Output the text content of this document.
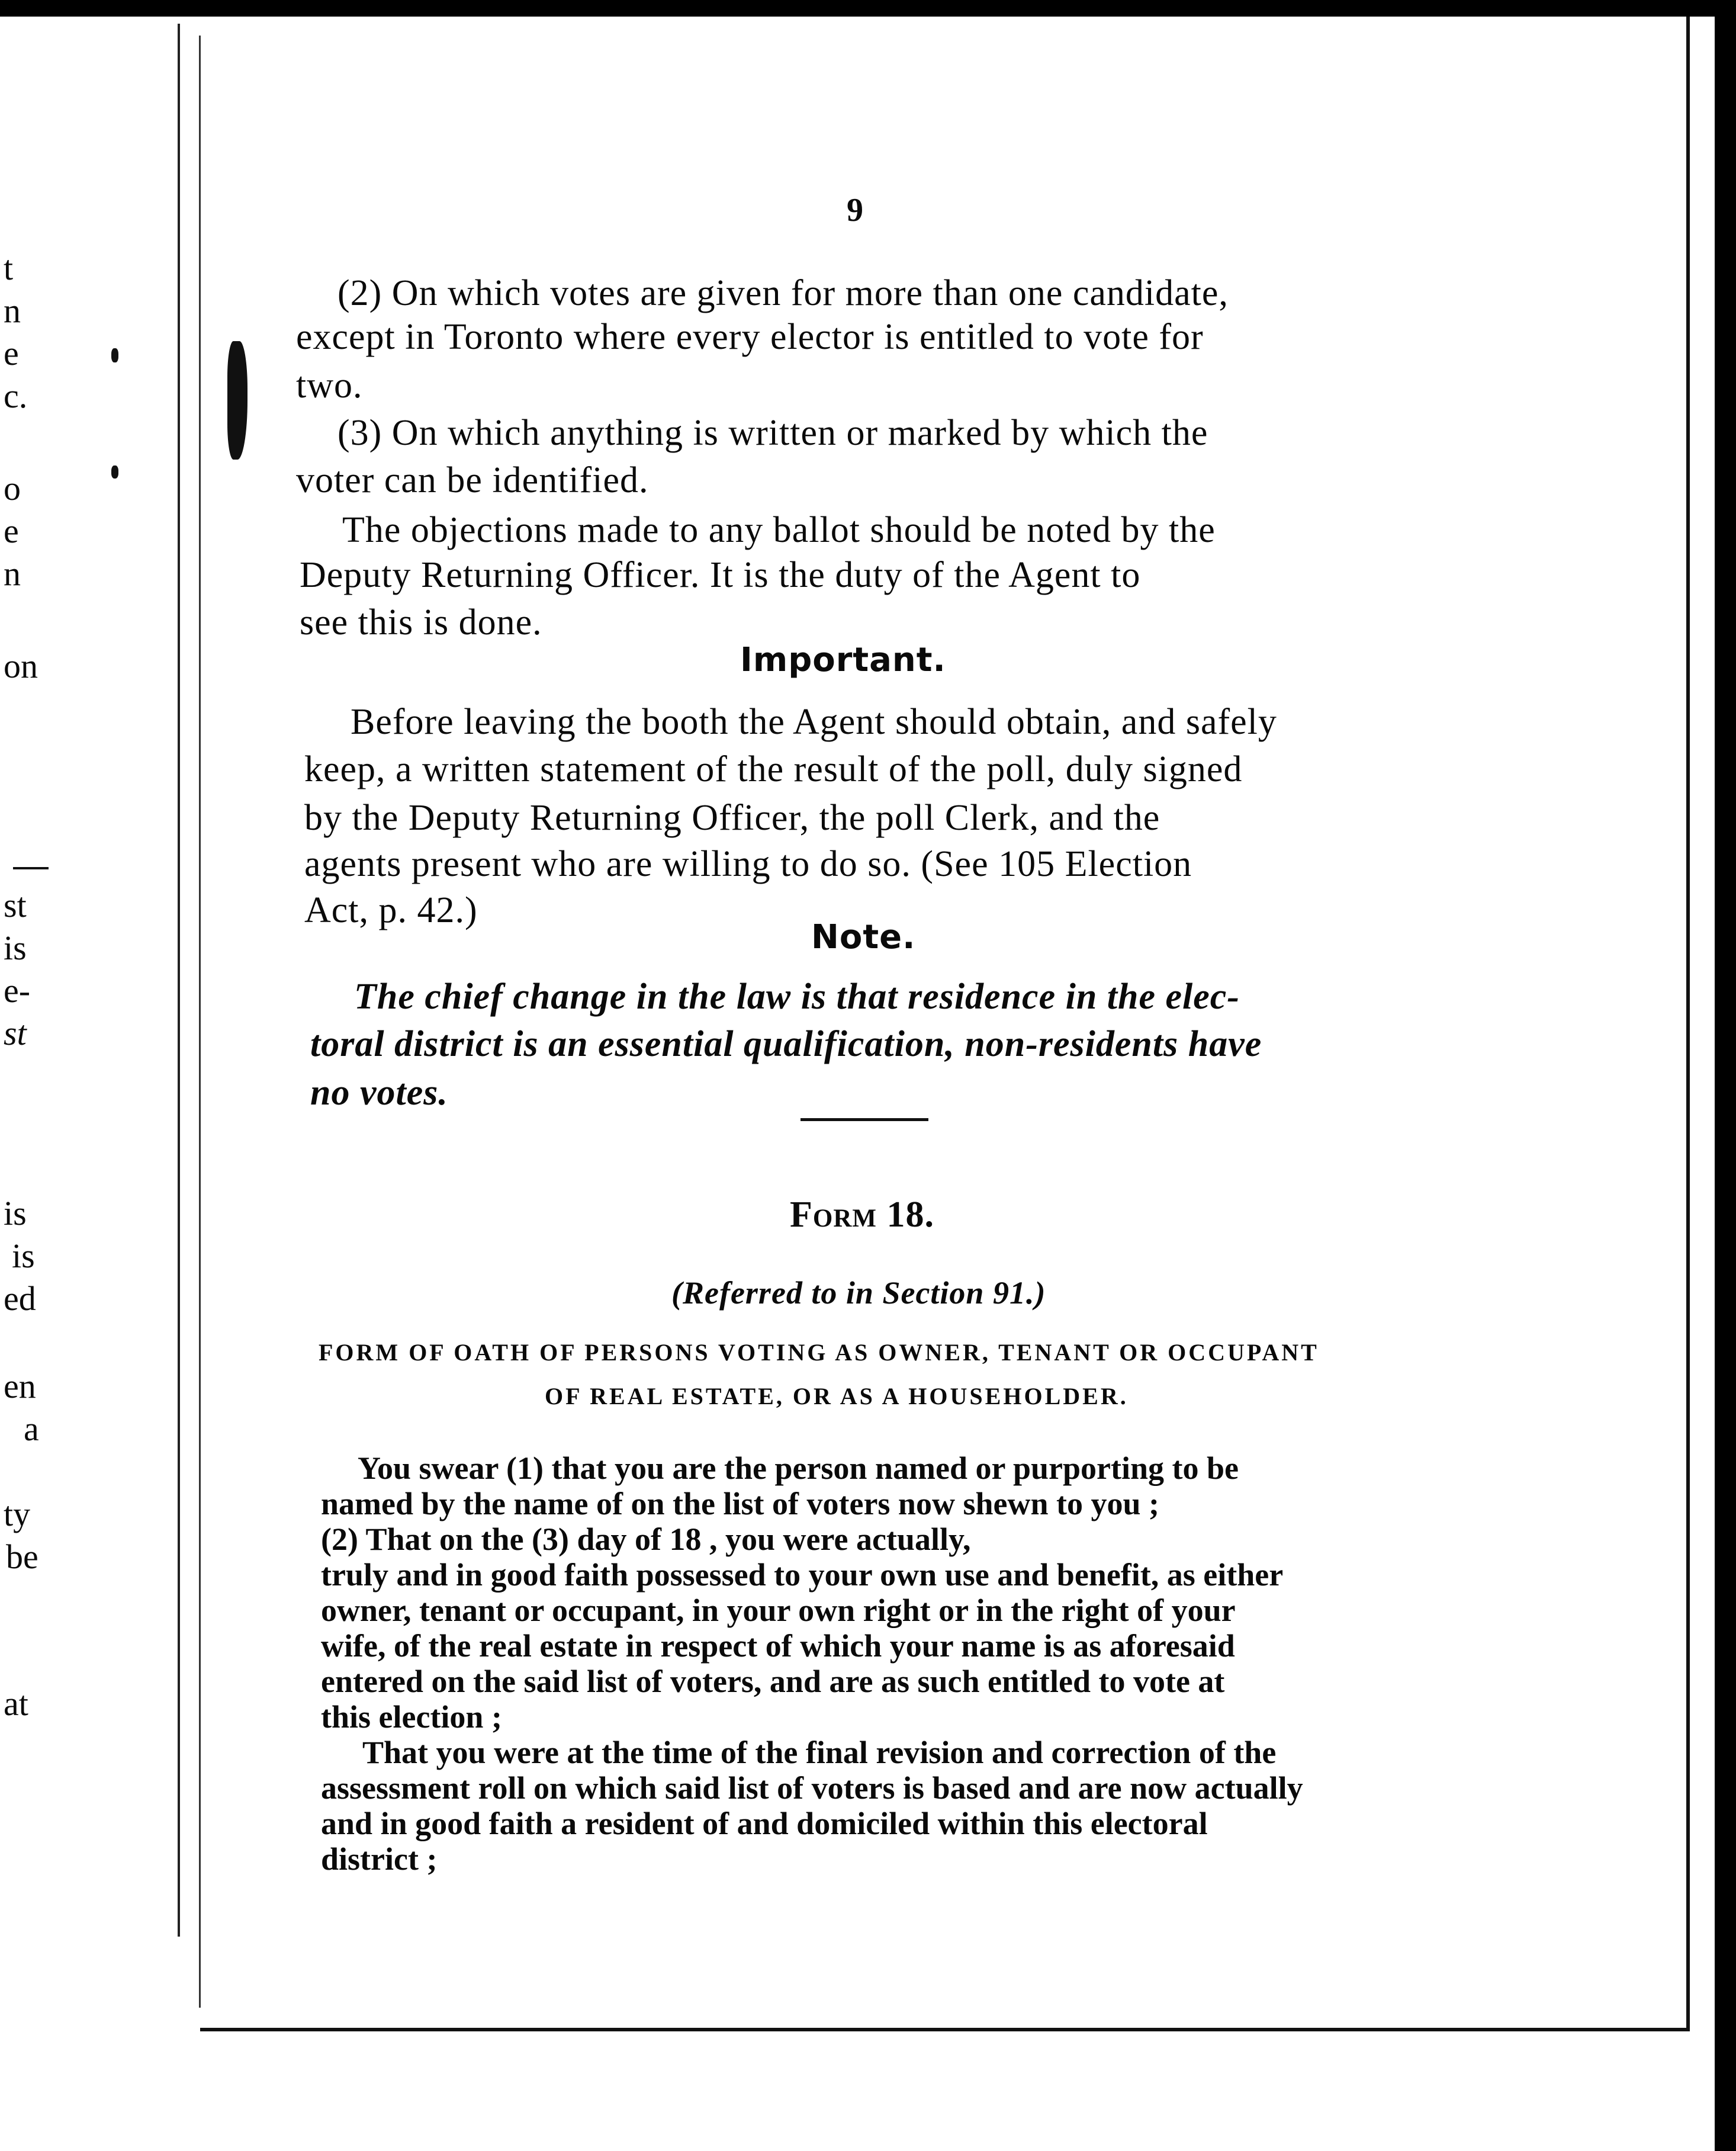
t
n
e
c.
o
e
n
on
st
is
e-
st
is
is
ed
en
a
ty
be
at
9
(2) On which votes are given for more than one candidate,
except in Toronto where every elector is entitled to vote for
two.
(3) On which anything is written or marked by which the
voter can be identified.
The objections made to any ballot should be noted by the
Deputy Returning Officer. It is the duty of the Agent to
see this is done.
Important.
Before leaving the booth the Agent should obtain, and safely
keep, a written statement of the result of the poll, duly signed
by the Deputy Returning Officer, the poll Clerk, and the
agents present who are willing to do so. (See 105 Election
Act, p. 42.)
Note.
The chief change in the law is that residence in the elec-
toral district is an essential qualification, non-residents have
no votes.
Form 18.
(Referred to in Section 91.)
FORM OF OATH OF PERSONS VOTING AS OWNER, TENANT OR OCCUPANT
OF REAL ESTATE, OR AS A HOUSEHOLDER.
You swear (1) that you are the person named or purporting to be
named by the name of on the list of voters now shewn to you ;
(2) That on the (3) day of 18 , you were actually,
truly and in good faith possessed to your own use and benefit, as either
owner, tenant or occupant, in your own right or in the right of your
wife, of the real estate in respect of which your name is as aforesaid
entered on the said list of voters, and are as such entitled to vote at
this election ;
That you were at the time of the final revision and correction of the
assessment roll on which said list of voters is based and are now actually
and in good faith a resident of and domiciled within this electoral
district ;
